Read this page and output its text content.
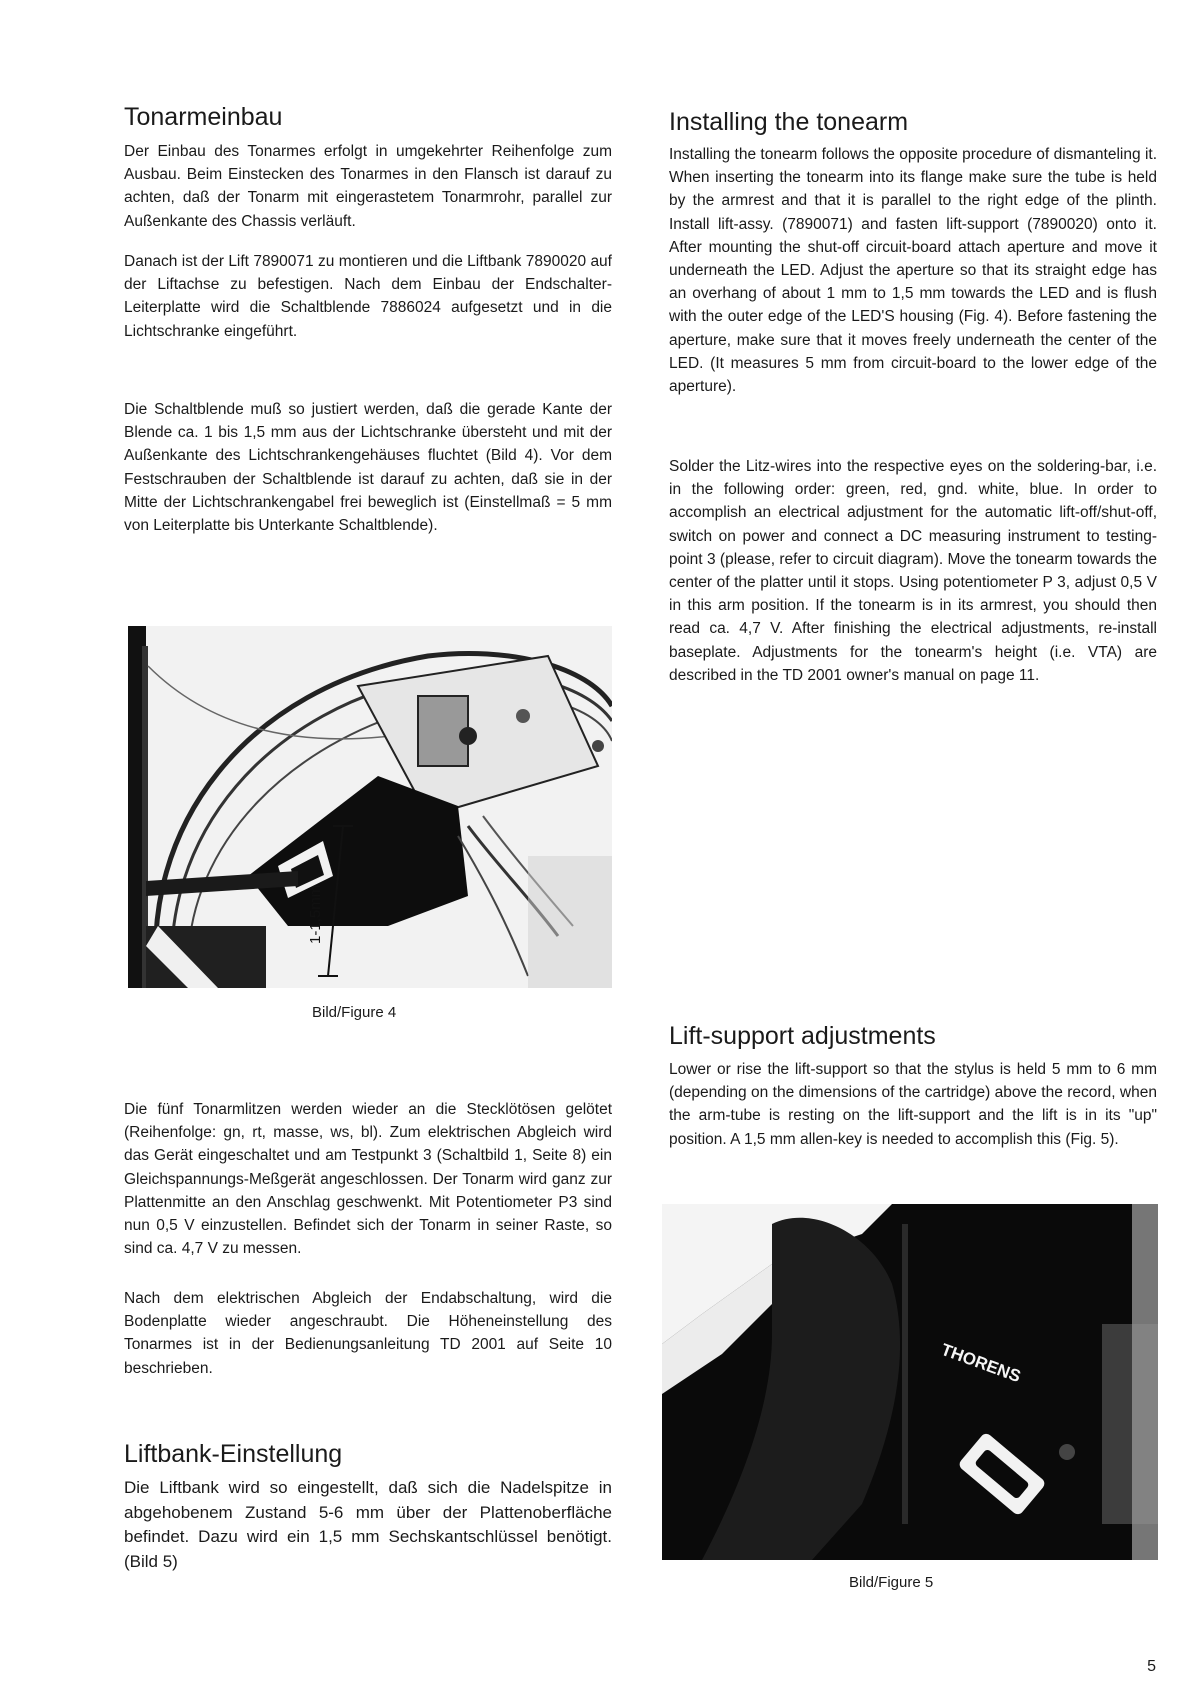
Tonarmeinbau

Der Einbau des Tonarmes erfolgt in umgekehrter Reihenfolge zum Ausbau. Beim Einstecken des Tonarmes in den Flansch ist darauf zu achten, daß der Tonarm mit eingerastetem Tonarmrohr, parallel zur Außenkante des Chassis verläuft.

Danach ist der Lift 7890071 zu montieren und die Liftbank 7890020 auf der Liftachse zu befestigen. Nach dem Einbau der Endschalter-Leiterplatte wird die Schaltblende 7886024 aufgesetzt und in die Lichtschranke eingeführt.

Die Schaltblende muß so justiert werden, daß die gerade Kante der Blende ca. 1 bis 1,5 mm aus der Lichtschranke übersteht und mit der Außenkante des Lichtschrankengehäuses fluchtet (Bild 4). Vor dem Festschrauben der Schaltblende ist darauf zu achten, daß sie in der Mitte der Lichtschrankengabel frei beweglich ist (Einstellmaß = 5 mm von Leiterplatte bis Unterkante Schaltblende).

1-1,5mm
Bild/Figure 4

Die fünf Tonarmlitzen werden wieder an die Stecklötösen gelötet (Reihenfolge: gn, rt, masse, ws, bl). Zum elektrischen Abgleich wird das Gerät eingeschaltet und am Testpunkt 3 (Schaltbild 1, Seite 8) ein Gleichspannungs-Meßgerät angeschlossen. Der Tonarm wird ganz zur Plattenmitte an den Anschlag geschwenkt. Mit Potentiometer P3 sind nun 0,5 V einzustellen. Befindet sich der Tonarm in seiner Raste, so sind ca. 4,7 V zu messen.

Nach dem elektrischen Abgleich der Endabschaltung, wird die Bodenplatte wieder angeschraubt. Die Höheneinstellung des Tonarmes ist in der Bedienungsanleitung TD 2001 auf Seite 10 beschrieben.

Liftbank-Einstellung

Die Liftbank wird so eingestellt, daß sich die Nadelspitze in abgehobenem Zustand 5-6 mm über der Plattenoberfläche befindet. Dazu wird ein 1,5 mm Sechskantschlüssel benötigt. (Bild 5)

Installing the tonearm

Installing the tonearm follows the opposite procedure of dismanteling it. When inserting the tonearm into its flange make sure the tube is held by the armrest and that it is parallel to the right edge of the plinth. Install lift-assy. (7890071) and fasten lift-support (7890020) onto it. After mounting the shut-off circuit-board attach aperture and move it underneath the LED. Adjust the aperture so that its straight edge has an overhang of about 1 mm to 1,5 mm towards the LED and is flush with the outer edge of the LED'S housing (Fig. 4). Before fastening the aperture, make sure that it moves freely underneath the center of the LED. (It measures 5 mm from circuit-board to the lower edge of the aperture).

Solder the Litz-wires into the respective eyes on the soldering-bar, i.e. in the following order: green, red, gnd. white, blue. In order to accomplish an electrical adjustment for the automatic lift-off/shut-off, switch on power and connect a DC measuring instrument to testing-point 3 (please, refer to circuit diagram). Move the tonearm towards the center of the platter until it stops. Using potentiometer P 3, adjust 0,5 V in this arm position. If the tonearm is in its armrest, you should then read ca. 4,7 V. After finishing the electrical adjustments, re-install baseplate. Adjustments for the tonearm's height (i.e. VTA) are described in the TD 2001 owner's manual on page 11.

Lift-support adjustments

Lower or rise the lift-support so that the stylus is held 5 mm to 6 mm (depending on the dimensions of the cartridge) above the record, when the arm-tube is resting on the lift-support and the lift is in its "up" position. A 1,5 mm allen-key is needed to accomplish this (Fig. 5).

THORENS
Bild/Figure 5
5
